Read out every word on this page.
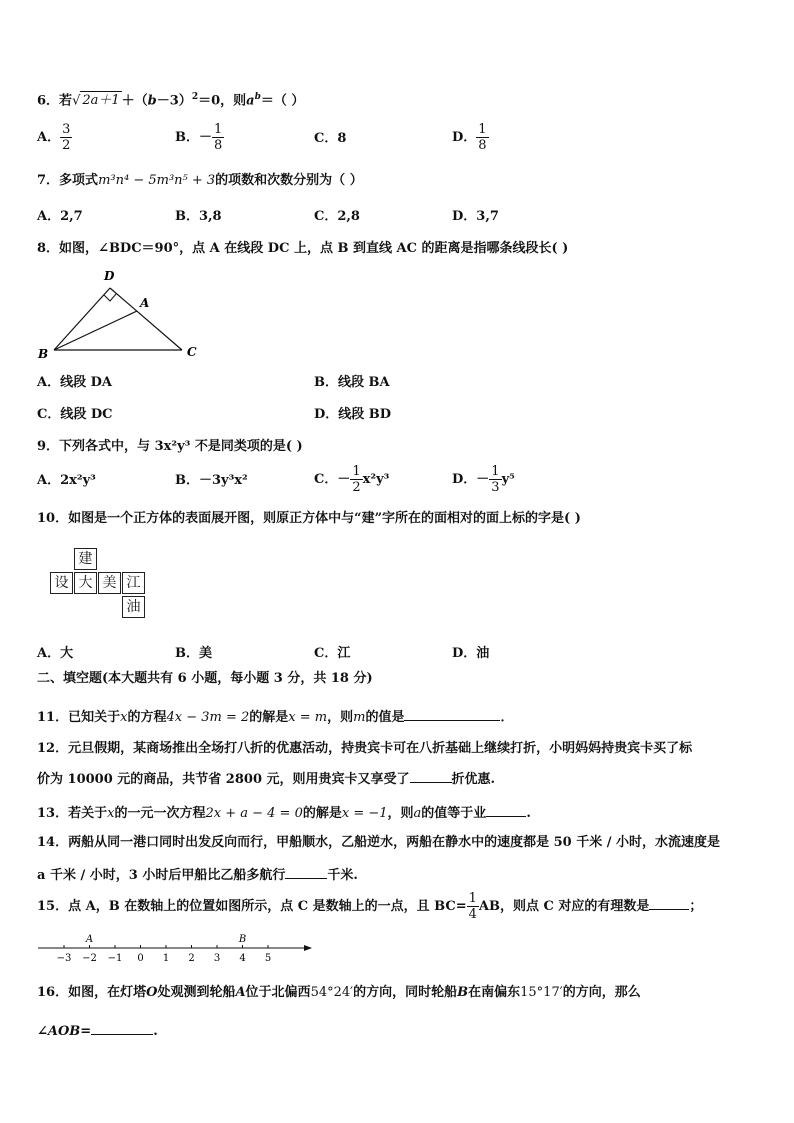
6．若√ $2a+1 +(b-3)^2=0$，则$a^b=$（ ）
A． $\frac{3}{2}$	B．－ $\frac{1}{8}$	C．8	D． $\frac{1}{8}$
7．多项式m³n⁴ − 5m³n⁵ + 3的项数和次数分别为（ ）
A．2,7	B．3,8	C．2,8	D．3,7
8．如图，∠BDC＝90°，点 A 在线段 DC 上，点 B 到直线 AC 的距离是指哪条线段长( )
D
A
B	C
A．线段 DA	B．线段 BA
C．线段 DC	D．线段 BD
9．下列各式中，与 3x²y³ 不是同类项的是( )
A．2x²y³	B．－3y³x²	C．－ $\frac{1}{2} x^2y^3$	D．－ $\frac{1}{3} y^5$
10．如图是一个正方体的表面展开图，则原正方体中与“建”字所在的面相对的面上标的字是( )
建
设 大 美 江
油
A．大	B．美	C．江	D．油
二、填空题(本大题共有 6 小题，每小题 3 分，共 18 分)
11．已知关于x的方程4x − 3m = 2的解是x = m，则m的值是	．
12．元旦假期，某商场推出全场打八折的优惠活动，持贵宾卡可在八折基础上继续打折，小明妈妈持贵宾卡买了标
价为 10000 元的商品，共节省 2800 元，则用贵宾卡又享受了	折优惠.
13．若关于x的一元一次方程2x + a − 4 = 0的解是x = −1，则a的值等于业	.
14．两船从同一港口同时出发反向而行，甲船顺水，乙船逆水，两船在静水中的速度都是 50 千米 / 小时，水流速度是
a 千米 / 小时，3 小时后甲船比乙船多航行	千米.
15．点 A，B 在数轴上的位置如图所示，点 C 是数轴上的一点，且 $BC= \frac{1}{4}$ AB，则点 C 对应的有理数是	；
−3 −2 −1 0 1 2 3 4 5
A	B
16．如图，在灯塔O处观测到轮船A位于北偏西54°24′的方向，同时轮船B在南偏东15°17′的方向，那么
∠AOB=	.
